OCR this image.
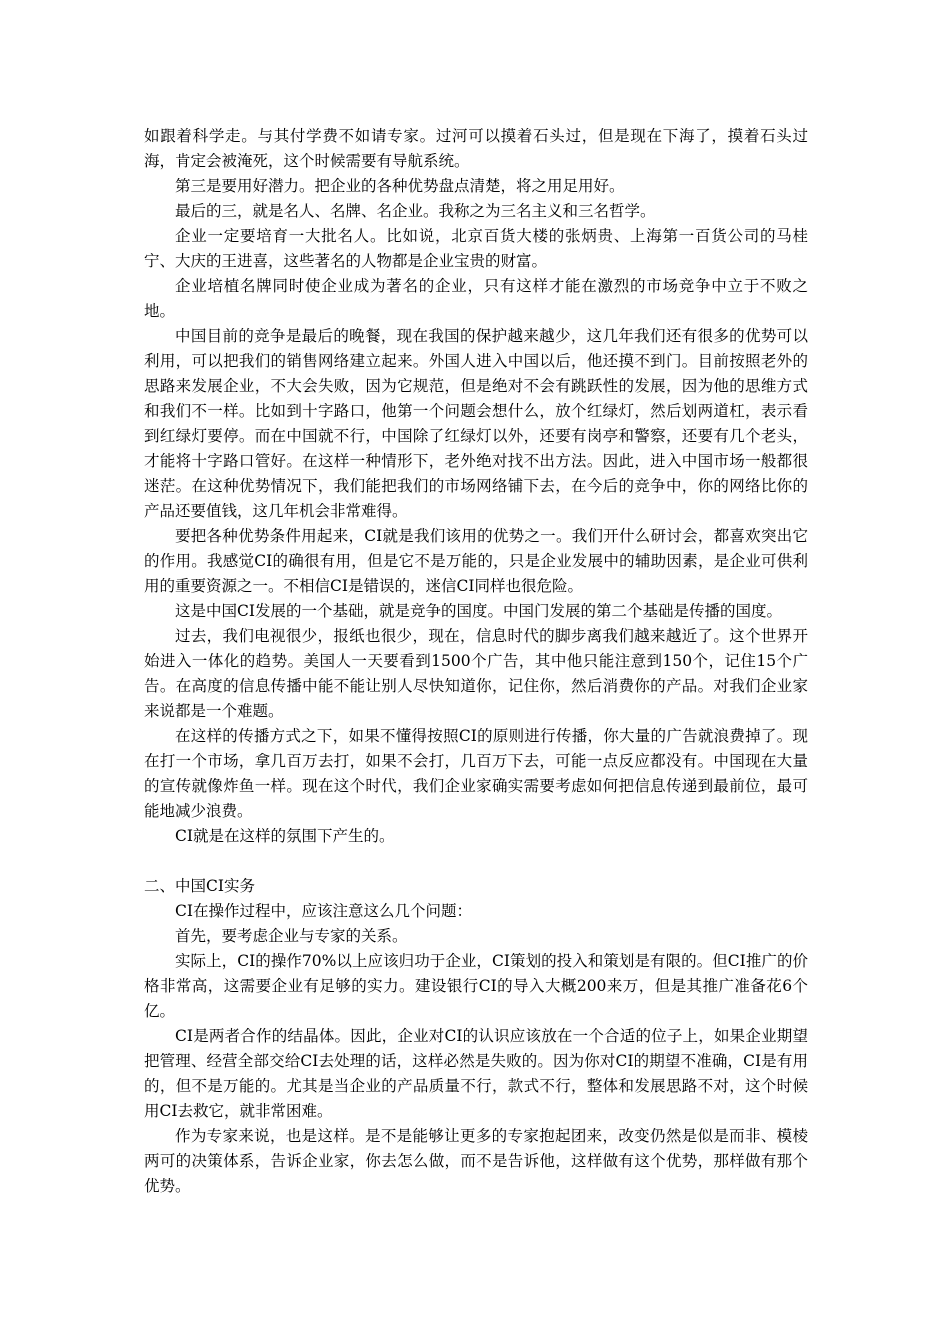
如跟着科学走。与其付学费不如请专家。过河可以摸着石头过，但是现在下海了，摸着石头过海，肯定会被淹死，这个时候需要有导航系统。

第三是要用好潜力。把企业的各种优势盘点清楚，将之用足用好。

最后的三，就是名人、名牌、名企业。我称之为三名主义和三名哲学。

企业一定要培育一大批名人。比如说，北京百货大楼的张炳贵、上海第一百货公司的马桂宁、大庆的王进喜，这些著名的人物都是企业宝贵的财富。

企业培植名牌同时使企业成为著名的企业，只有这样才能在激烈的市场竞争中立于不败之地。

中国目前的竞争是最后的晚餐，现在我国的保护越来越少，这几年我们还有很多的优势可以利用，可以把我们的销售网络建立起来。外国人进入中国以后，他还摸不到门。目前按照老外的思路来发展企业，不大会失败，因为它规范，但是绝对不会有跳跃性的发展，因为他的思维方式和我们不一样。比如到十字路口，他第一个问题会想什么，放个红绿灯，然后划两道杠，表示看到红绿灯要停。而在中国就不行，中国除了红绿灯以外，还要有岗亭和警察，还要有几个老头，才能将十字路口管好。在这样一种情形下，老外绝对找不出方法。因此，进入中国市场一般都很迷茫。在这种优势情况下，我们能把我们的市场网络铺下去，在今后的竞争中，你的网络比你的产品还要值钱，这几年机会非常难得。

要把各种优势条件用起来，CI就是我们该用的优势之一。我们开什么研讨会，都喜欢突出它的作用。我感觉CI的确很有用，但是它不是万能的，只是企业发展中的辅助因素，是企业可供利用的重要资源之一。不相信CI是错误的，迷信CI同样也很危险。

这是中国CI发展的一个基础，就是竞争的国度。中国门发展的第二个基础是传播的国度。

过去，我们电视很少，报纸也很少，现在，信息时代的脚步离我们越来越近了。这个世界开始进入一体化的趋势。美国人一天要看到1500个广告，其中他只能注意到150个，记住15个广告。在高度的信息传播中能不能让别人尽快知道你，记住你，然后消费你的产品。对我们企业家来说都是一个难题。

在这样的传播方式之下，如果不懂得按照CI的原则进行传播，你大量的广告就浪费掉了。现在打一个市场，拿几百万去打，如果不会打，几百万下去，可能一点反应都没有。中国现在大量的宣传就像炸鱼一样。现在这个时代，我们企业家确实需要考虑如何把信息传递到最前位，最可能地减少浪费。

CI就是在这样的氛围下产生的。

二、中国CI实务

CI在操作过程中，应该注意这么几个问题：

首先，要考虑企业与专家的关系。

实际上，CI的操作70%以上应该归功于企业，CI策划的投入和策划是有限的。但CI推广的价格非常高，这需要企业有足够的实力。建设银行CI的导入大概200来万，但是其推广准备花6个亿。

CI是两者合作的结晶体。因此，企业对CI的认识应该放在一个合适的位子上，如果企业期望把管理、经营全部交给CI去处理的话，这样必然是失败的。因为你对CI的期望不准确，CI是有用的，但不是万能的。尤其是当企业的产品质量不行，款式不行，整体和发展思路不对，这个时候用CI去救它，就非常困难。

作为专家来说，也是这样。是不是能够让更多的专家抱起团来，改变仍然是似是而非、模棱两可的决策体系，告诉企业家，你去怎么做，而不是告诉他，这样做有这个优势，那样做有那个优势。
